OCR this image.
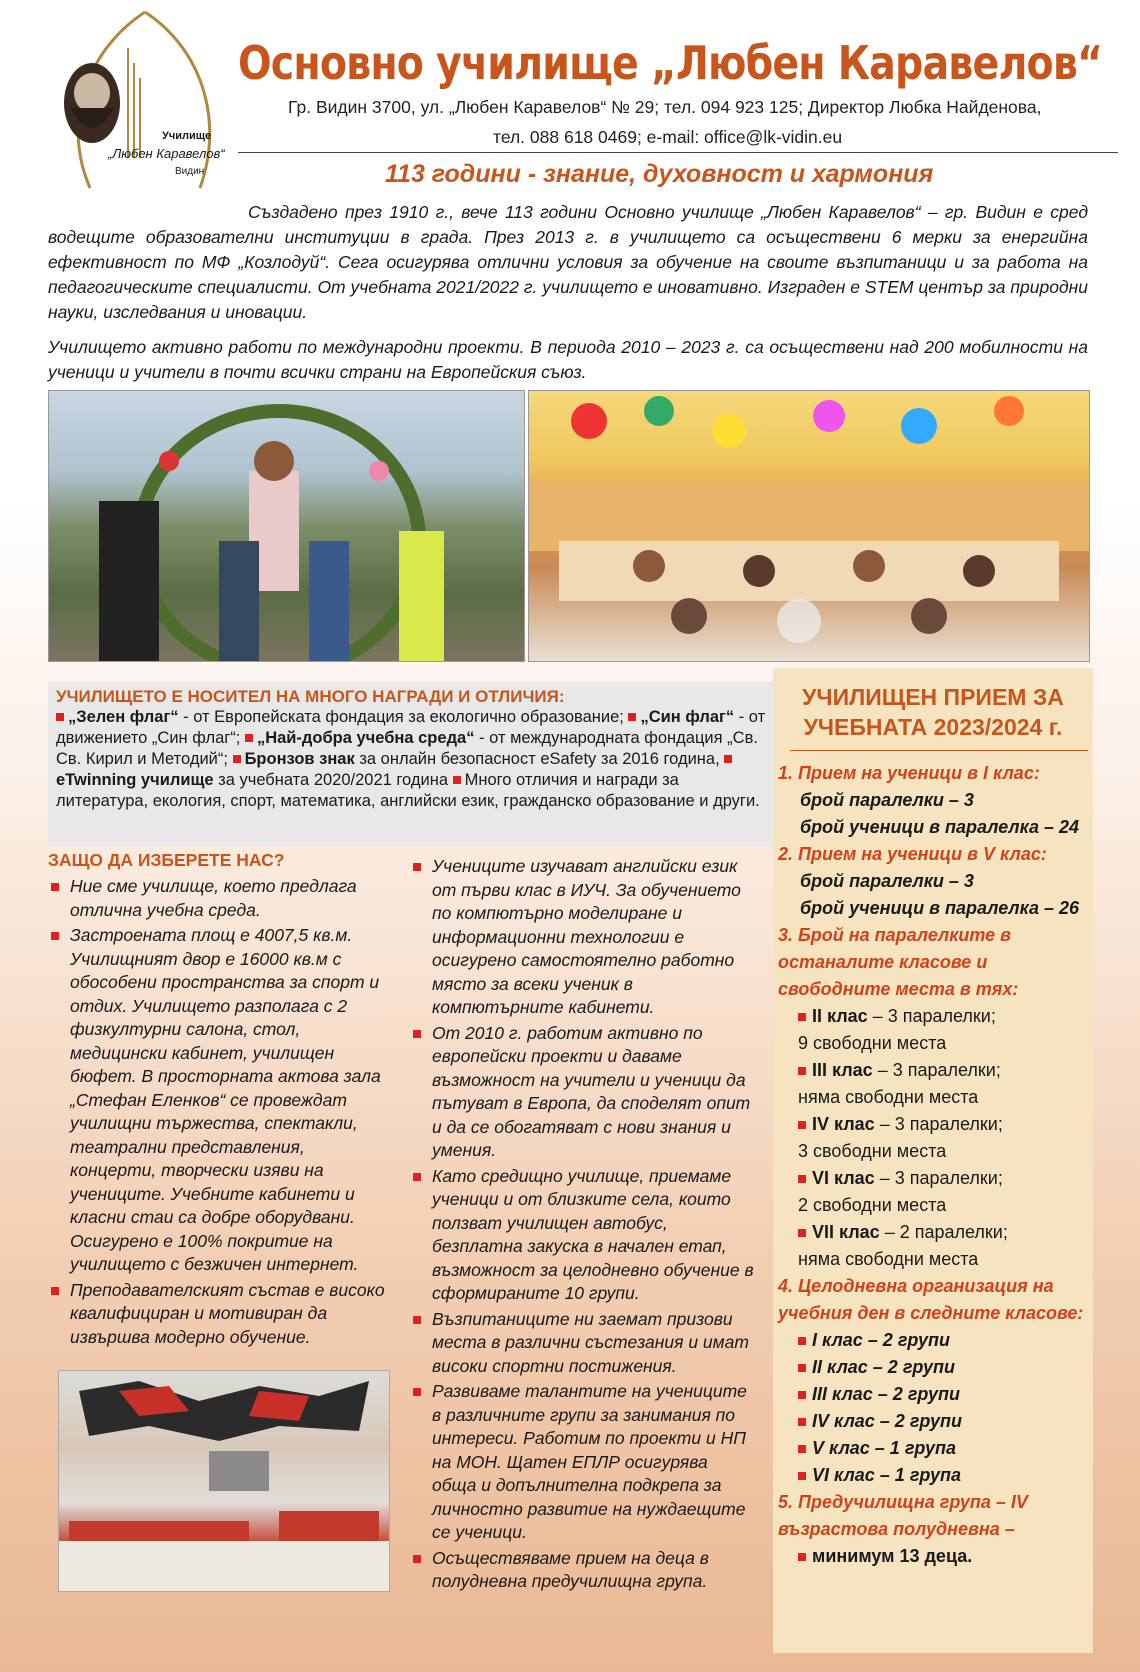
Училище
„Любен Каравелов“
Видин
Основно училище „Любен Каравелов“
Гр. Видин 3700, ул. „Любен Каравелов“ № 29; тел. 094 923 125; Директор Любка Найденова,
тел. 088 618 0469; e-mail: office@lk-vidin.eu
113 години - знание, духовност и хармония

Създадено през 1910 г., вече 113 години Основно училище „Любен Каравелов“ – гр. Видин е сред водещите образователни институции в града. През 2013 г. в училището са осъществени 6 мерки за енергийна ефективност по МФ „Козлодуй“. Сега осигурява отлични условия за обучение на своите възпитаници и за работа на педагогическите специалисти. От учебната 2021/2022 г. училището е иновативно. Изграден е STEM център за природни науки, изследвания и иновации.

Училището активно работи по международни проекти. В периода 2010 – 2023 г. са осъществени над 200 мобилности на ученици и учители в почти всички страни на Европейския съюз.

УЧИЛИЩЕТО Е НОСИТЕЛ НА МНОГО НАГРАДИ И ОТЛИЧИЯ:
„Зелен флаг“ - от Европейската фондация за екологично образование; „Син флаг“ - от движението „Син флаг“; „Най-добра учебна среда“ - от международната фондация „Св. Св. Кирил и Методий“; Бронзов знак за онлайн безопасност eSafety за 2016 година, eTwinning училище за учебната 2020/2021 година Много отличия и награди за литература, екология, спорт, математика, английски език, гражданско образование и други.
ЗАЩО ДА ИЗБЕРЕТЕ НАС?
Ние сме училище, което предлага отлична учебна среда.
Застроената площ е 4007,5 кв.м. Училищният двор е 16000 кв.м с обособени пространства за спорт и отдих. Училището разполага с 2 физкултурни салона, стол, медицински кабинет, училищен бюфет. В просторната актова зала „Стефан Еленков“ се провеждат училищни тържества, спектакли, театрални представления, концерти, творчески изяви на учениците. Учебните кабинети и класни стаи са добре оборудвани. Осигурено е 100% покритие на училището с безжичен интернет.
Преподавателският състав е високо квалифициран и мотивиран да извършва модерно обучение.
Учениците изучават английски език от първи клас в ИУЧ. За обучението по компютърно моделиране и информационни технологии е осигурено самостоятелно работно място за всеки ученик в компютърните кабинети.
От 2010 г. работим активно по европейски проекти и даваме възможност на учители и ученици да пътуват в Европа, да споделят опит и да се обогатяват с нови знания и умения.
Като средищно училище, приемаме ученици и от близките села, които ползват училищен автобус, безплатна закуска в начален етап, възможност за целодневно обучение в сформираните 10 групи.
Възпитаниците ни заемат призови места в различни състезания и имат високи спортни постижения.
Развиваме талантите на учениците в различните групи за занимания по интереси. Работим по проекти и НП на МОН. Щатен ЕПЛР осигурява обща и допълнителна подкрепа за личностно развитие на нуждаещите се ученици.
Осъществяваме прием на деца в полудневна предучилищна група.
УЧИЛИЩЕН ПРИЕМ ЗА УЧЕБНАТА 2023/2024 г.
1. Прием на ученици в I клас:
брой паралелки – 3
брой ученици в паралелка – 24
2. Прием на ученици в V клас:
брой паралелки – 3
брой ученици в паралелка – 26
3. Брой на паралелките в останалите класове и свободните места в тях:
II клас – 3 паралелки;
9 свободни места
III клас – 3 паралелки;
няма свободни места
IV клас – 3 паралелки;
3 свободни места
VI клас – 3 паралелки;
2 свободни места
VII клас – 2 паралелки;
няма свободни места
4. Целодневна организация на учебния ден в следните класове:
I клас – 2 групи
II клас – 2 групи
III клас – 2 групи
IV клас – 2 групи
V клас – 1 група
VI клас – 1 група
5. Предучилищна група – IV възрастова полудневна –
минимум 13 деца.
